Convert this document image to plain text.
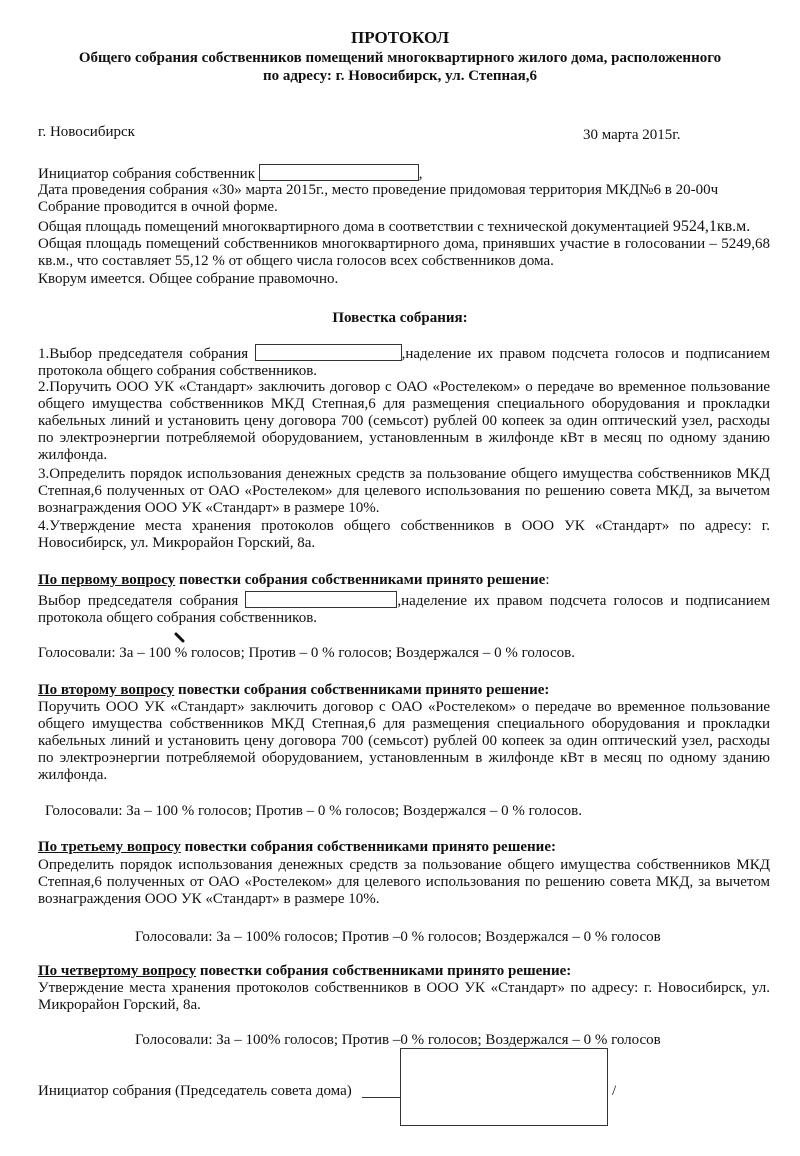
ПРОТОКОЛ
Общего собрания собственников помещений многоквартирного жилого дома, расположенного
по адресу: г. Новосибирск, ул. Степная,6
г. Новосибирск	30 марта 2015г.
Инициатор собрания собственник	,
Дата проведения собрания «30» марта 2015г., место проведение придомовая территория МКД№6 в 20-00ч
Собрание проводится в очной форме.
Общая площадь помещений многоквартирного дома в соответствии с технической документацией 9524,1кв.м.
Общая площадь помещений собственников многоквартирного дома, принявших участие в голосовании – 5249,68 кв.м., что составляет 55,12 % от общего числа голосов всех собственников дома.
Кворум имеется. Общее собрание правомочно.
Повестка собрания:
1.Выбор председателя собрания	,наделение их правом подсчета голосов и подписанием протокола общего собрания собственников.
2.Поручить ООО УК «Стандарт» заключить договор с ОАО «Ростелеком» о передаче во временное пользование общего имущества собственников МКД Степная,6 для размещения специального оборудования и прокладки кабельных линий и установить цену договора 700 (семьсот) рублей 00 копеек за один оптический узел, расходы по электроэнергии потребляемой оборудованием, установленным в жилфонде кВт в месяц по одному зданию жилфонда.
3.Определить порядок использования денежных средств за пользование общего имущества собственников МКД Степная,6 полученных от ОАО «Ростелеком» для целевого использования по решению совета МКД, за вычетом вознаграждения ООО УК «Стандарт» в размере 10%.
4.Утверждение места хранения протоколов общего собственников в ООО УК «Стандарт» по адресу: г. Новосибирск, ул. Микрорайон Горский, 8а.
По первому вопросу повестки собрания собственниками принято решение:
Выбор председателя собрания	,наделение их правом подсчета голосов и подписанием протокола общего собрания собственников.
Голосовали: За – 100 % голосов; Против – 0 % голосов; Воздержался – 0 % голосов.
По второму вопросу повестки собрания собственниками принято решение:
Поручить ООО УК «Стандарт» заключить договор с ОАО «Ростелеком» о передаче во временное пользование общего имущества собственников МКД Степная,6 для размещения специального оборудования и прокладки кабельных линий и установить цену договора 700 (семьсот) рублей 00 копеек за один оптический узел, расходы по электроэнергии потребляемой оборудованием, установленным в жилфонде кВт в месяц по одному зданию жилфонда.
Голосовали: За – 100 % голосов; Против – 0 % голосов; Воздержался – 0 % голосов.
По третьему вопросу повестки собрания собственниками принято решение:
Определить порядок использования денежных средств за пользование общего имущества собственников МКД Степная,6 полученных от ОАО «Ростелеком» для целевого использования по решению совета МКД, за вычетом вознаграждения ООО УК «Стандарт» в размере 10%.
Голосовали: За – 100% голосов; Против –0 % голосов; Воздержался – 0 % голосов
По четвертому вопросу повестки собрания собственниками принято решение:
Утверждение места хранения протоколов собственников в ООО УК «Стандарт» по адресу: г. Новосибирск, ул. Микрорайон Горский, 8а.
Голосовали: За – 100% голосов; Против –0 % голосов; Воздержался – 0 % голосов
Инициатор собрания (Председатель совета дома)	/
